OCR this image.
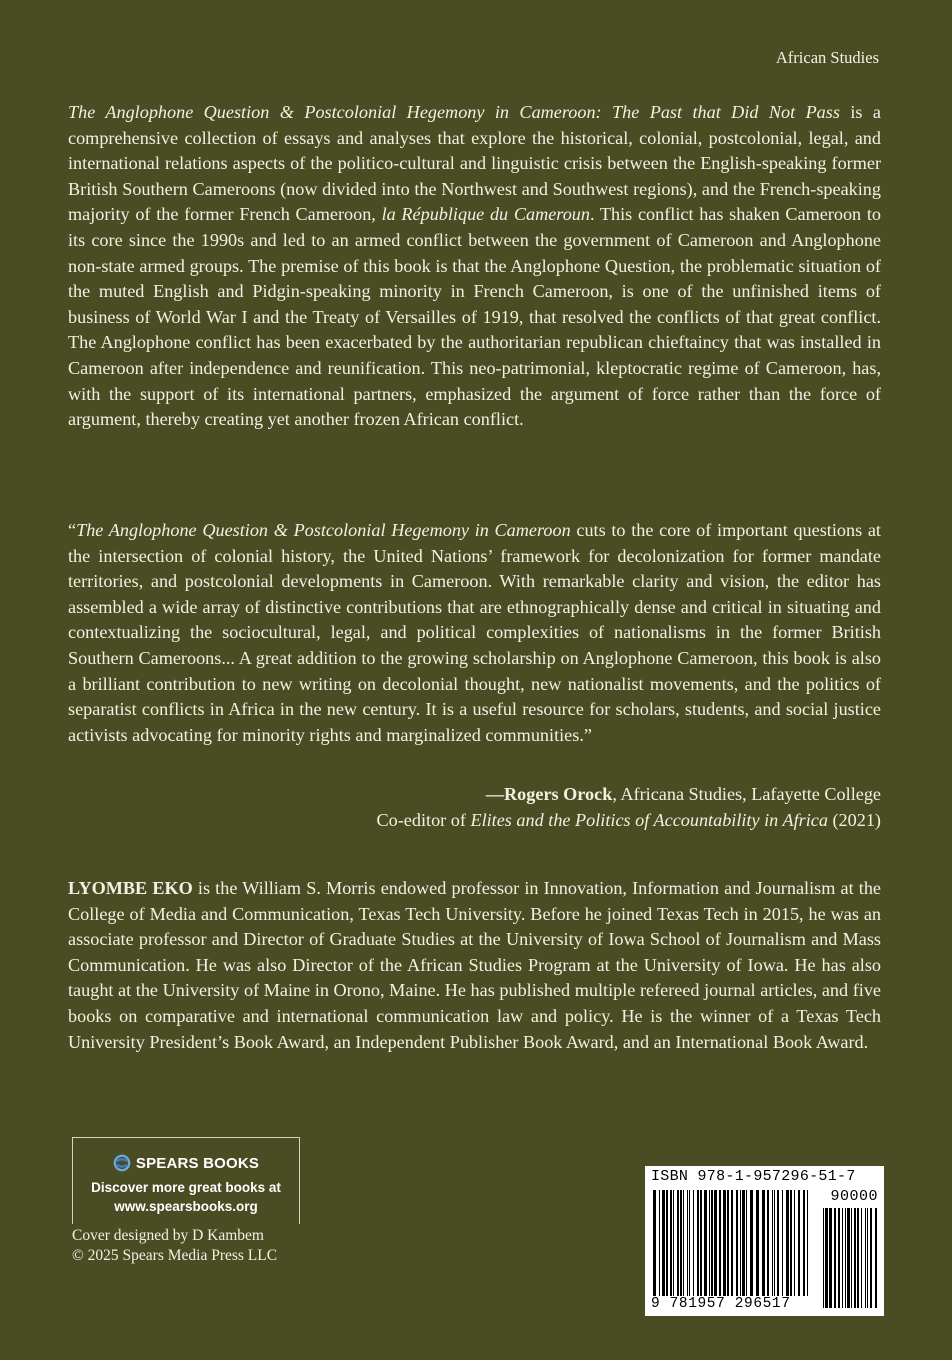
African Studies
The Anglophone Question & Postcolonial Hegemony in Cameroon: The Past that Did Not Pass is a comprehensive collection of essays and analyses that explore the historical, colonial, postcolonial, legal, and international relations aspects of the politico-cultural and linguistic crisis between the English-speaking former British Southern Cameroons (now divided into the Northwest and Southwest regions), and the French-speaking majority of the former French Cameroon, la République du Cameroun. This conflict has shaken Cameroon to its core since the 1990s and led to an armed conflict between the government of Cameroon and Anglophone non-state armed groups. The premise of this book is that the Anglophone Question, the problematic situation of the muted English and Pidgin-speaking minority in French Cameroon, is one of the unfinished items of business of World War I and the Treaty of Versailles of 1919, that resolved the conflicts of that great conflict. The Anglophone conflict has been exacerbated by the authoritarian republican chieftaincy that was installed in Cameroon after independence and reunification. This neo-patrimonial, kleptocratic regime of Cameroon, has, with the support of its international partners, emphasized the argument of force rather than the force of argument, thereby creating yet another frozen African conflict.
“The Anglophone Question & Postcolonial Hegemony in Cameroon cuts to the core of important questions at the intersection of colonial history, the United Nations’ framework for decolonization for former mandate territories, and postcolonial developments in Cameroon. With remarkable clarity and vision, the editor has assembled a wide array of distinctive contributions that are ethnographically dense and critical in situating and contextualizing the sociocultural, legal, and political complexities of nationalisms in the former British Southern Cameroons... A great addition to the growing scholarship on Anglophone Cameroon, this book is also a brilliant contribution to new writing on decolonial thought, new nationalist movements, and the politics of separatist conflicts in Africa in the new century. It is a useful resource for scholars, students, and social justice activists advocating for minority rights and marginalized communities.”
—Rogers Orock, Africana Studies, Lafayette College
Co-editor of Elites and the Politics of Accountability in Africa (2021)
LYOMBE EKO is the William S. Morris endowed professor in Innovation, Information and Journalism at the College of Media and Communication, Texas Tech University. Before he joined Texas Tech in 2015, he was an associate professor and Director of Graduate Studies at the University of Iowa School of Journalism and Mass Communication. He was also Director of the African Studies Program at the University of Iowa. He has also taught at the University of Maine in Orono, Maine. He has published multiple refereed journal articles, and five books on comparative and international communication law and policy. He is the winner of a Texas Tech University President’s Book Award, an Independent Publisher Book Award, and an International Book Award.
SPEARS BOOKS
Discover more great books at
www.spearsbooks.org
Cover designed by D Kambem
© 2025 Spears Media Press LLC
ISBN 978-1-957296-51-7
90000
9 781957 296517
